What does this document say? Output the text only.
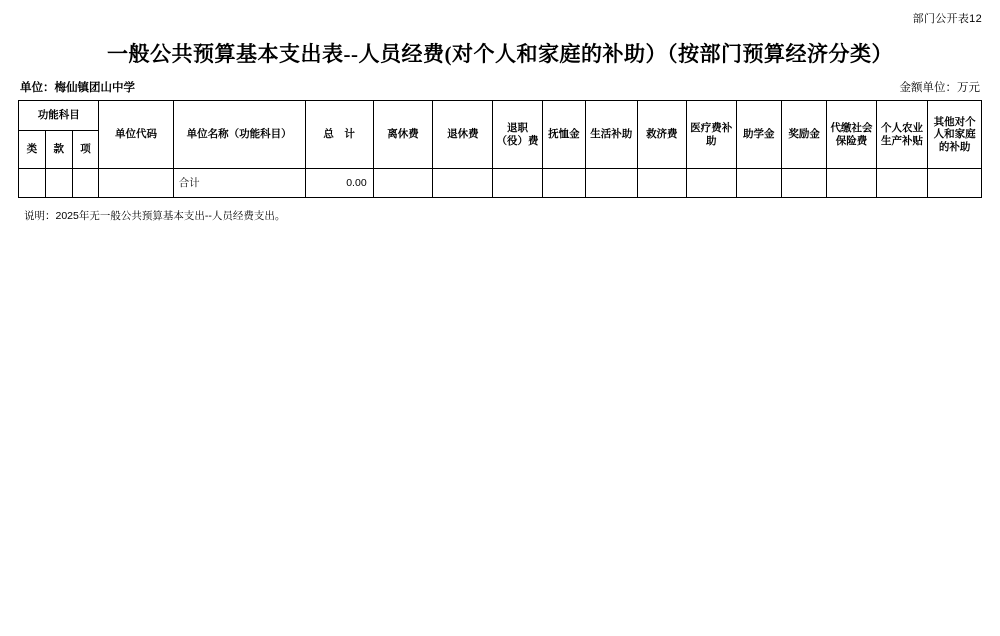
部门公开表12
一般公共预算基本支出表--人员经费(对个人和家庭的补助）（按部门预算经济分类）
单位：梅仙镇团山中学	金额单位：万元
功能科目			单位代码	单位名称（功能科目）	总　计	离休费	退休费	退职（役）费	抚恤金	生活补助	救济费	医疗费补助	助学金	奖励金	代缴社会保险费	个人农业生产补贴	其他对个人和家庭的补助
类	款	项															
				合计	0.00												
说明：2025年无一般公共预算基本支出--人员经费支出。
